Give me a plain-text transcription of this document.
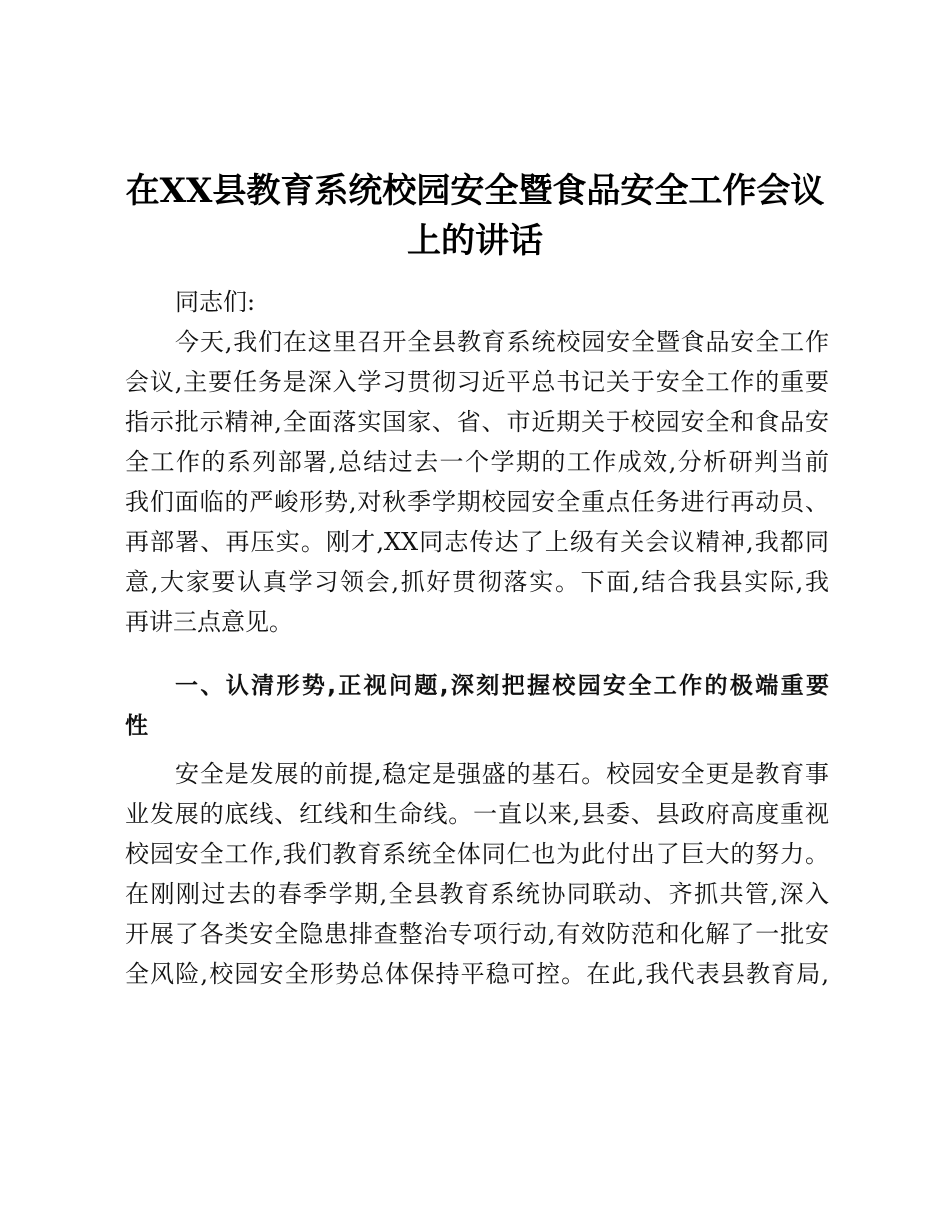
在XX县教育系统校园安全暨食品安全工作会议
上的讲话
同志们:
今天,我们在这里召开全县教育系统校园安全暨食品安全工作
会议,主要任务是深入学习贯彻习近平总书记关于安全工作的重要
指示批示精神,全面落实国家、省、市近期关于校园安全和食品安
全工作的系列部署,总结过去一个学期的工作成效,分析研判当前
我们面临的严峻形势,对秋季学期校园安全重点任务进行再动员、
再部署、再压实。刚才,XX同志传达了上级有关会议精神,我都同
意,大家要认真学习领会,抓好贯彻落实。下面,结合我县实际,我
再讲三点意见。
一、认清形势,正视问题,深刻把握校园安全工作的极端重要
性
安全是发展的前提,稳定是强盛的基石。校园安全更是教育事
业发展的底线、红线和生命线。一直以来,县委、县政府高度重视
校园安全工作,我们教育系统全体同仁也为此付出了巨大的努力。
在刚刚过去的春季学期,全县教育系统协同联动、齐抓共管,深入
开展了各类安全隐患排查整治专项行动,有效防范和化解了一批安
全风险,校园安全形势总体保持平稳可控。在此,我代表县教育局,
